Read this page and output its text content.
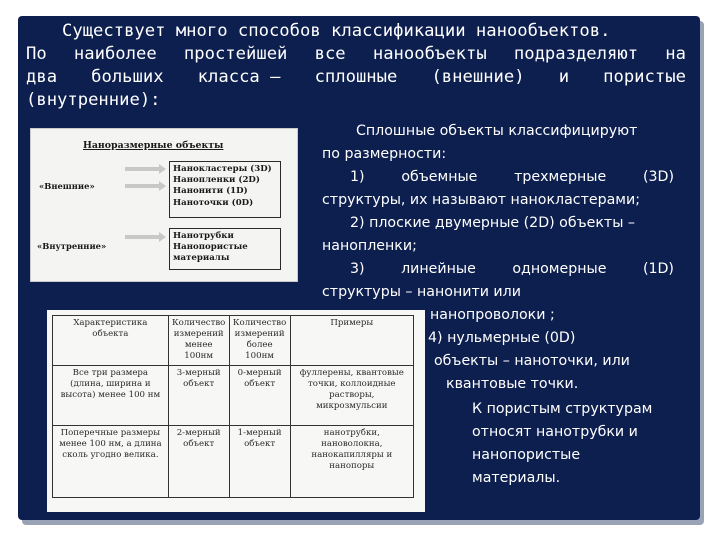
Существует много способов классификации нанообъектов.
По наиболее простейшей все нанообъекты подразделяют на
два больших класса – сплошные (внешние) и пористые
(внутренние):
Наноразмерные объекты
«Внешние»
«Внутренние»
Нанокластеры (3D)
Нанопленки (2D)
Нанонити (1D)
Наноточки (0D)
Нанотрубки
Нанопористые
материалы
Характеристика объекта	Количество измерений менее 100нм	Количество измерений более 100нм	Примеры
Все три размера (длина, ширина и высота) менее 100 нм	3-мерный объект	0-мерный объект	фуллерены, квантовые точки, коллоидные растворы, микрозмульсии
Поперечные размеры менее 100 нм, а длина сколь угодно велика.	2-мерный объект	1-мерный объект	нанотрубки, нановолокна, нанокапилляры и нанопоры
Сплошные объекты классифицируют
по размерности:
1)	объемные	трехмерные	(3D)
структуры, их называют нанокластерами;
2) плоские двумерные (2D) объекты –
нанопленки;
3)	линейные	одномерные	(1D)
структуры – нанонити или
нанопроволоки ;
4) нульмерные (0D)
объекты – наноточки, или
квантовые точки.
К пористым структурам
относят нанотрубки и
нанопористые
материалы.
